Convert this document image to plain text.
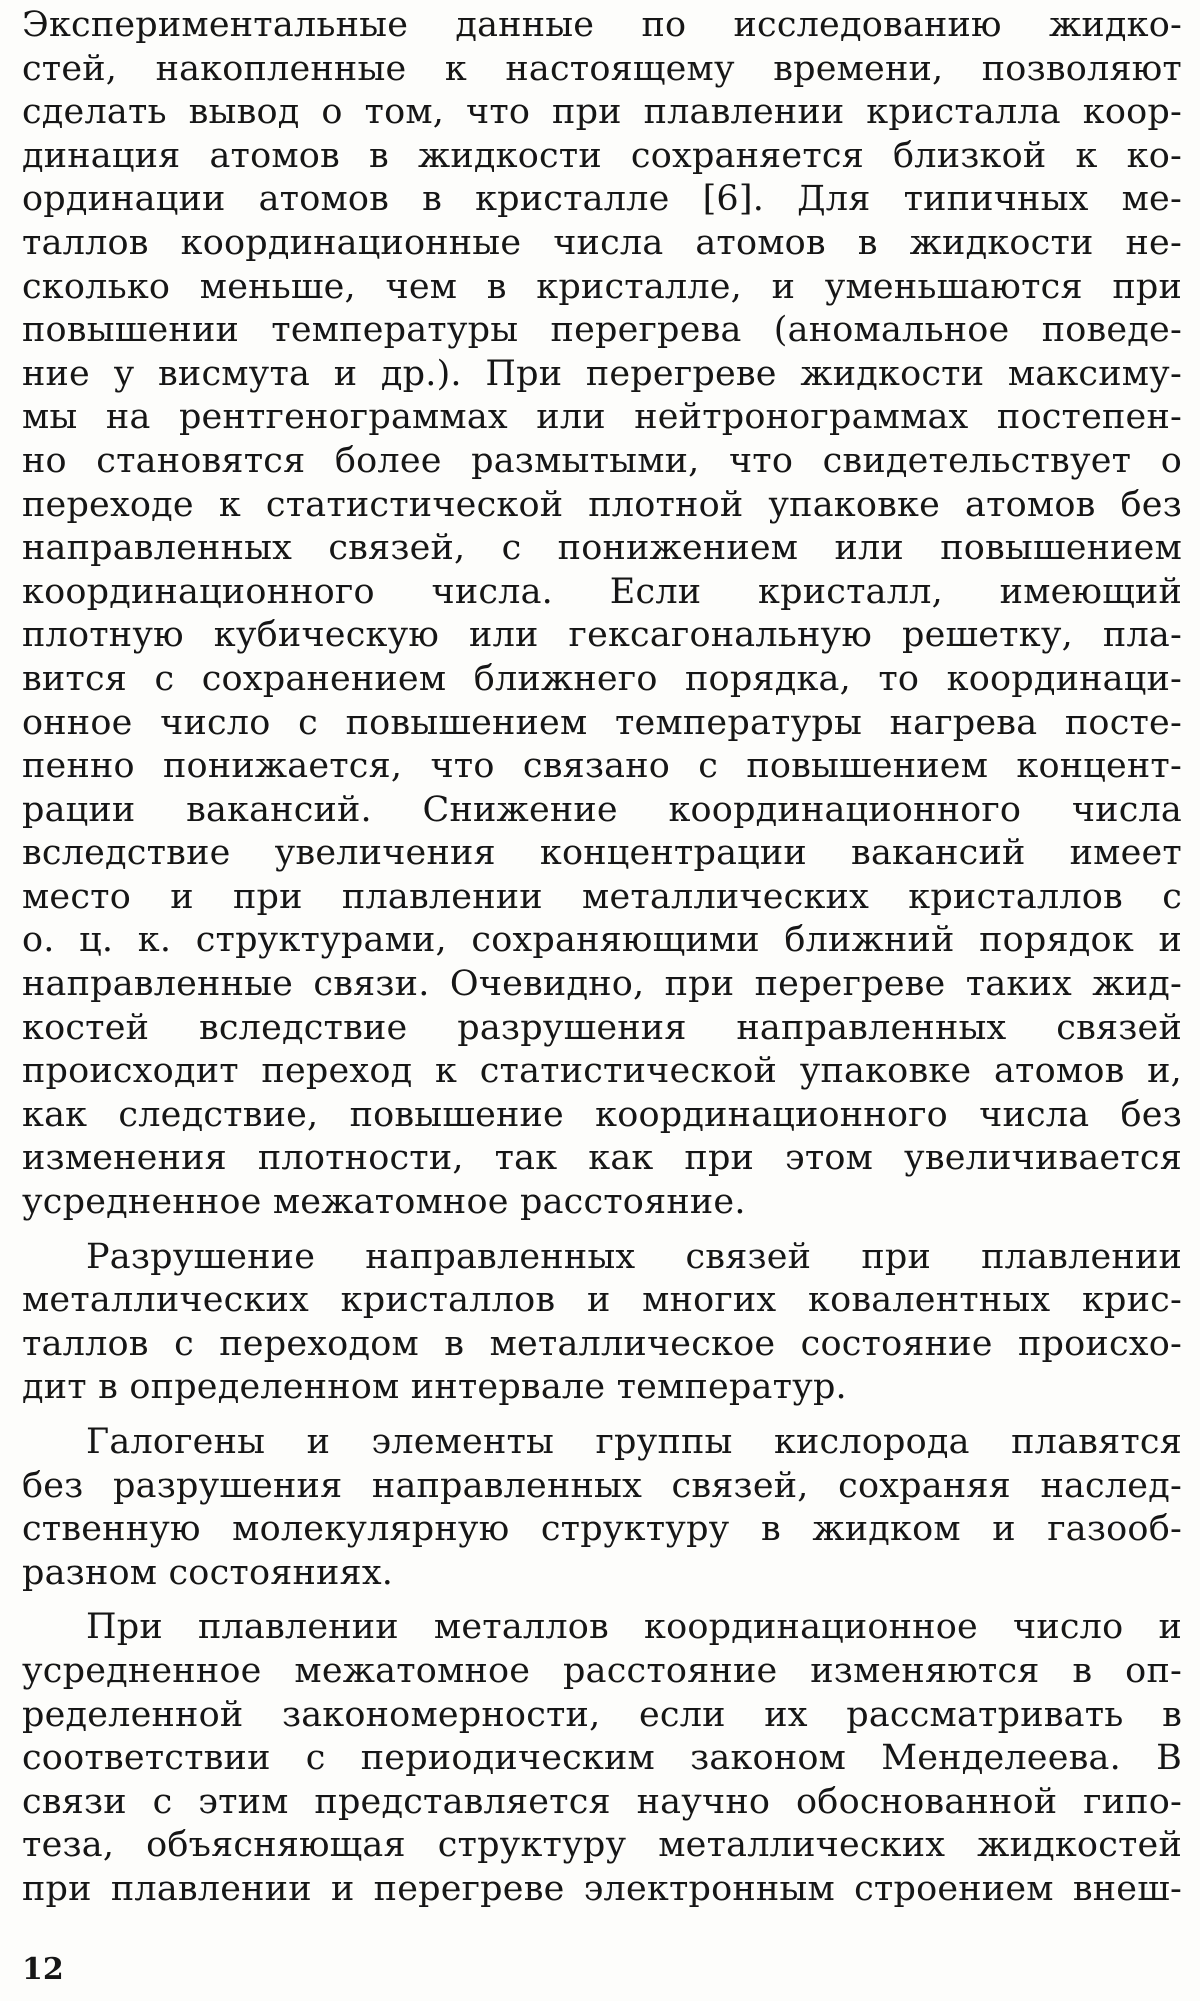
Экспериментальные данные по исследованию жидко-
стей, накопленные к настоящему времени, позволяют
сделать вывод о том, что при плавлении кристалла коор-
динация атомов в жидкости сохраняется близкой к ко-
ординации атомов в кристалле [6]. Для типичных ме-
таллов координационные числа атомов в жидкости не-
сколько меньше, чем в кристалле, и уменьшаются при
повышении температуры перегрева (аномальное поведе-
ние у висмута и др.). При перегреве жидкости максиму-
мы на рентгенограммах или нейтронограммах постепен-
но становятся более размытыми, что свидетельствует о
переходе к статистической плотной упаковке атомов без
направленных связей, с понижением или повышением
координационного числа. Если кристалл, имеющий
плотную кубическую или гексагональную решетку, пла-
вится с сохранением ближнего порядка, то координаци-
онное число с повышением температуры нагрева посте-
пенно понижается, что связано с повышением концент-
рации вакансий. Снижение координационного числа
вследствие увеличения концентрации вакансий имеет
место и при плавлении металлических кристаллов с
о. ц. к. структурами, сохраняющими ближний порядок и
направленные связи. Очевидно, при перегреве таких жид-
костей вследствие разрушения направленных связей
происходит переход к статистической упаковке атомов и,
как следствие, повышение координационного числа без
изменения плотности, так как при этом увеличивается
усредненное межатомное расстояние.
Разрушение направленных связей при плавлении
металлических кристаллов и многих ковалентных крис-
таллов с переходом в металлическое состояние происхо-
дит в определенном интервале температур.
Галогены и элементы группы кислорода плавятся
без разрушения направленных связей, сохраняя наслед-
ственную молекулярную структуру в жидком и газооб-
разном состояниях.
При плавлении металлов координационное число и
усредненное межатомное расстояние изменяются в оп-
ределенной закономерности, если их рассматривать в
соответствии с периодическим законом Менделеева. В
связи с этим представляется научно обоснованной гипо-
теза, объясняющая структуру металлических жидкостей
при плавлении и перегреве электронным строением внеш-
12
